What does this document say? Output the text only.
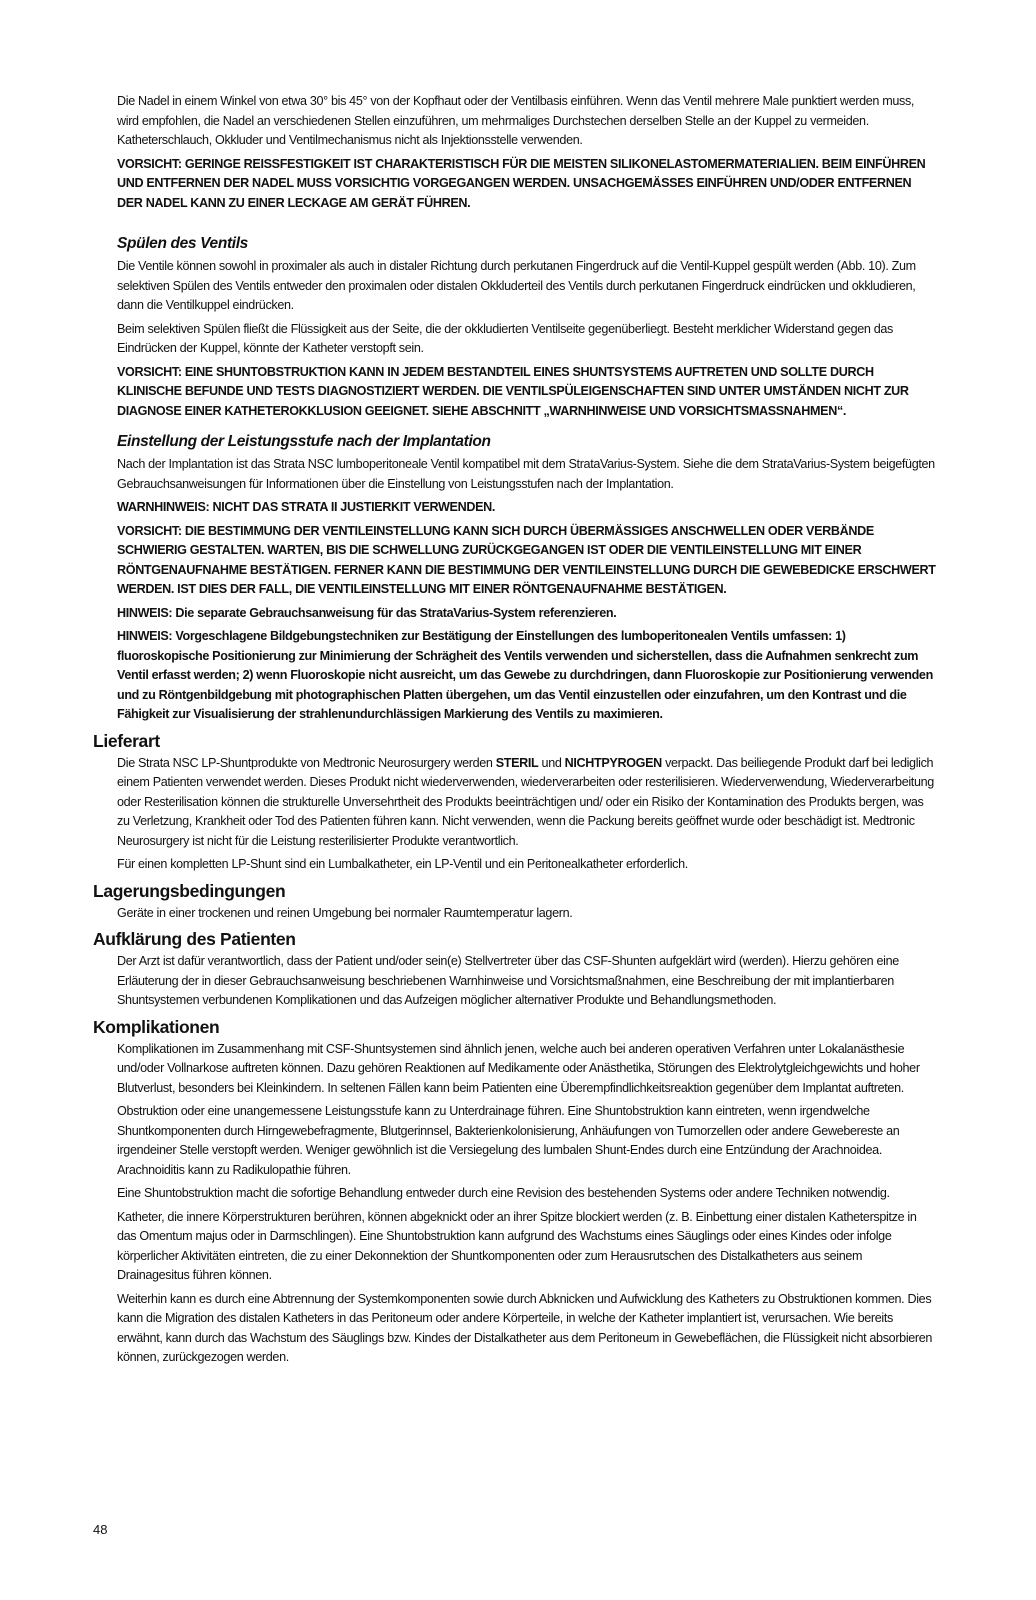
Die Nadel in einem Winkel von etwa 30° bis 45° von der Kopfhaut oder der Ventilbasis einführen. Wenn das Ventil mehrere Male punktiert werden muss, wird empfohlen, die Nadel an verschiedenen Stellen einzuführen, um mehrmaliges Durchstechen derselben Stelle an der Kuppel zu vermeiden. Katheterschlauch, Okkluder und Ventilmechanismus nicht als Injektionsstelle verwenden.

VORSICHT: GERINGE REISSFESTIGKEIT IST CHARAKTERISTISCH FÜR DIE MEISTEN SILIKONELASTOMERMATERIALIEN. BEIM EINFÜHREN UND ENTFERNEN DER NADEL MUSS VORSICHTIG VORGEGANGEN WERDEN. UNSACHGEMÄSSES EINFÜHREN UND/ODER ENTFERNEN DER NADEL KANN ZU EINER LECKAGE AM GERÄT FÜHREN.

Spülen des Ventils

Die Ventile können sowohl in proximaler als auch in distaler Richtung durch perkutanen Fingerdruck auf die Ventil-Kuppel gespült werden (Abb. 10). Zum selektiven Spülen des Ventils entweder den proximalen oder distalen Okkluderteil des Ventils durch perkutanen Fingerdruck eindrücken und okkludieren, dann die Ventilkuppel eindrücken.

Beim selektiven Spülen fließt die Flüssigkeit aus der Seite, die der okkludierten Ventilseite gegenüberliegt. Besteht merklicher Widerstand gegen das Eindrücken der Kuppel, könnte der Katheter verstopft sein.

VORSICHT: EINE SHUNTOBSTRUKTION KANN IN JEDEM BESTANDTEIL EINES SHUNTSYSTEMS AUFTRETEN UND SOLLTE DURCH KLINISCHE BEFUNDE UND TESTS DIAGNOSTIZIERT WERDEN. DIE VENTILSPÜLEIGENSCHAFTEN SIND UNTER UMSTÄNDEN NICHT ZUR DIAGNOSE EINER KATHETEROKKLUSION GEEIGNET. SIEHE ABSCHNITT „WARNHINWEISE UND VORSICHTSMASSNAHMEN“.

Einstellung der Leistungsstufe nach der Implantation

Nach der Implantation ist das Strata NSC lumboperitoneale Ventil kompatibel mit dem StrataVarius-System. Siehe die dem StrataVarius-System beigefügten Gebrauchsanweisungen für Informationen über die Einstellung von Leistungsstufen nach der Implantation.

WARNHINWEIS: NICHT DAS STRATA II JUSTIERKIT VERWENDEN.

VORSICHT: DIE BESTIMMUNG DER VENTILEINSTELLUNG KANN SICH DURCH ÜBERMÄSSIGES ANSCHWELLEN ODER VERBÄNDE SCHWIERIG GESTALTEN. WARTEN, BIS DIE SCHWELLUNG ZURÜCKGEGANGEN IST ODER DIE VENTILEINSTELLUNG MIT EINER RÖNTGENAUFNAHME BESTÄTIGEN. FERNER KANN DIE BESTIMMUNG DER VENTILEINSTELLUNG DURCH DIE GEWEBEDICKE ERSCHWERT WERDEN. IST DIES DER FALL, DIE VENTILEINSTELLUNG MIT EINER RÖNTGENAUFNAHME BESTÄTIGEN.

HINWEIS: Die separate Gebrauchsanweisung für das StrataVarius-System referenzieren.

HINWEIS: Vorgeschlagene Bildgebungstechniken zur Bestätigung der Einstellungen des lumboperitonealen Ventils umfassen: 1) fluoroskopische Positionierung zur Minimierung der Schrägheit des Ventils verwenden und sicherstellen, dass die Aufnahmen senkrecht zum Ventil erfasst werden; 2) wenn Fluoroskopie nicht ausreicht, um das Gewebe zu durchdringen, dann Fluoroskopie zur Positionierung verwenden und zu Röntgenbildgebung mit photographischen Platten übergehen, um das Ventil einzustellen oder einzufahren, um den Kontrast und die Fähigkeit zur Visualisierung der strahlenundurchlässigen Markierung des Ventils zu maximieren.

Lieferart

Die Strata NSC LP-Shuntprodukte von Medtronic Neurosurgery werden STERIL und NICHTPYROGEN verpackt. Das beiliegende Produkt darf bei lediglich einem Patienten verwendet werden. Dieses Produkt nicht wiederverwenden, wiederverarbeiten oder resterilisieren. Wiederverwendung, Wiederverarbeitung oder Resterilisation können die strukturelle Unversehrtheit des Produkts beeinträchtigen und/ oder ein Risiko der Kontamination des Produkts bergen, was zu Verletzung, Krankheit oder Tod des Patienten führen kann. Nicht verwenden, wenn die Packung bereits geöffnet wurde oder beschädigt ist. Medtronic Neurosurgery ist nicht für die Leistung resterilisierter Produkte verantwortlich.

Für einen kompletten LP-Shunt sind ein Lumbalkatheter, ein LP-Ventil und ein Peritonealkatheter erforderlich.

Lagerungsbedingungen

Geräte in einer trockenen und reinen Umgebung bei normaler Raumtemperatur lagern.

Aufklärung des Patienten

Der Arzt ist dafür verantwortlich, dass der Patient und/oder sein(e) Stellvertreter über das CSF-Shunten aufgeklärt wird (werden). Hierzu gehören eine Erläuterung der in dieser Gebrauchsanweisung beschriebenen Warnhinweise und Vorsichtsmaßnahmen, eine Beschreibung der mit implantierbaren Shuntsystemen verbundenen Komplikationen und das Aufzeigen möglicher alternativer Produkte und Behandlungsmethoden.

Komplikationen

Komplikationen im Zusammenhang mit CSF-Shuntsystemen sind ähnlich jenen, welche auch bei anderen operativen Verfahren unter Lokalanästhesie und/oder Vollnarkose auftreten können. Dazu gehören Reaktionen auf Medikamente oder Anästhetika, Störungen des Elektrolytgleichgewichts und hoher Blutverlust, besonders bei Kleinkindern. In seltenen Fällen kann beim Patienten eine Überempfindlichkeitsreaktion gegenüber dem Implantat auftreten.

Obstruktion oder eine unangemessene Leistungsstufe kann zu Unterdrainage führen. Eine Shuntobstruktion kann eintreten, wenn irgendwelche Shuntkomponenten durch Hirngewebefragmente, Blutgerinnsel, Bakterienkolonisierung, Anhäufungen von Tumorzellen oder andere Gewebereste an irgendeiner Stelle verstopft werden. Weniger gewöhnlich ist die Versiegelung des lumbalen Shunt-Endes durch eine Entzündung der Arachnoidea. Arachnoiditis kann zu Radikulopathie führen.

Eine Shuntobstruktion macht die sofortige Behandlung entweder durch eine Revision des bestehenden Systems oder andere Techniken notwendig.

Katheter, die innere Körperstrukturen berühren, können abgeknickt oder an ihrer Spitze blockiert werden (z. B. Einbettung einer distalen Katheterspitze in das Omentum majus oder in Darmschlingen). Eine Shuntobstruktion kann aufgrund des Wachstums eines Säuglings oder eines Kindes oder infolge körperlicher Aktivitäten eintreten, die zu einer Dekonnektion der Shuntkomponenten oder zum Herausrutschen des Distalkatheters aus seinem Drainagesitus führen können.

Weiterhin kann es durch eine Abtrennung der Systemkomponenten sowie durch Abknicken und Aufwicklung des Katheters zu Obstruktionen kommen. Dies kann die Migration des distalen Katheters in das Peritoneum oder andere Körperteile, in welche der Katheter implantiert ist, verursachen. Wie bereits erwähnt, kann durch das Wachstum des Säuglings bzw. Kindes der Distalkatheter aus dem Peritoneum in Gewebeflächen, die Flüssigkeit nicht absorbieren können, zurückgezogen werden.

48
